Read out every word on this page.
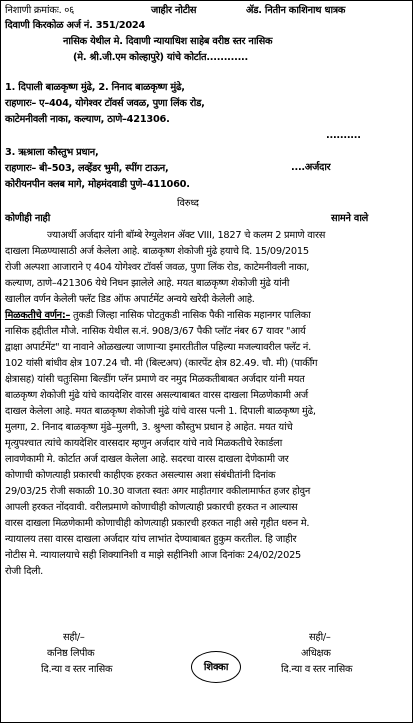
निशाणी क्रमांकः. ०६	जाहीर नोटीस	ॲड. नितीन काशिनाथ धात्रक
दिवाणी किरकोळ अर्ज नं. 351/2024
नासिक येथील मे. दिवाणी न्यायाधिश साहेब वरीष्ठ स्तर नासिक
(मे. श्री.जी.एम कोल्हापुरे) यांचे कोर्टात............
1. दिपाली बाळकृष्ण मुंढे, 2. निनाद बाळकृष्ण मुंढे,
राहणारः– ए–404, योगेश्वर टॉवर्स जवळ, पुणा लिंक रोड,
काटेमनीवली नाका, कल्याण, ठाणे–421306.
..........
3. ऋश्राला कौस्तुभ प्रधान,
....अर्जदार
राहणारः– बी–503, लव्हेंडर भुमी, स्पींग टाऊन,
कोरीयनपीन क्लब मागे, मोहमंदवाडी पुणे–411060.
विरुध्द
कोणीही नाही	सामने वाले
ज्याअर्थी अर्जदार यांनी बॉम्बे रेग्युलेशन ॲक्ट VIII, 1827 चे कलम 2 प्रमाणे वारस
दाखला मिळण्यासाठी अर्ज केलेला आहे. बाळकृष्ण शेकोजी मुंढे हयाचे दि. 15/09/2015
रोजी अल्पशा आजाराने ए 404 योगेश्वर टॉवर्स जवळ, पुणा लिंक रोड, काटेमनीवली नाका,
कल्याण, ठाणे–421306 येथे निधन झालेले आहे. मयत बाळकृष्ण शेकोजी मुंढे यांनी
खालील वर्णन केलेली फ्लॅट डिड ऑफ अपार्टमेंट अन्वये खरेदी केलेली आहे.
मिळकतीचे वर्णन:– तुकडी जिल्हा नासिक पोटतुकडी नासिक पैकी नासिक महानगर पालिका
नासिक हद्दीतील मौजे. नासिक येथील स.नं. 908/3/67 पैकी प्लॉट नंबर 67 यावर "आर्य
द्वाक्षा अपार्टमेंट" या नावाने ओळखल्या जाणाऱ्या इमारतीतील पहिल्या मजल्यावरील फ्लॅट नं.
102 यांसी बांधीव क्षेत्र 107.24 चौ. मी (बिल्टअप) (कारपेंट क्षेत्र 82.49. चौ. मी) (पार्कींग
क्षेत्रासह) यांसी चतुःसिमा बिल्डींग प्लॅन प्रमाणे वर नमुद मिळकतीबाबत अर्जदार यांनी मयत
बाळकृष्ण शेकोजी मुंढे यांचे कायदेशिर वारस असल्याबाबत वारस दाखला मिळणेकामी अर्ज
दाखल केलेला आहे. मयत बाळकृष्ण शेकोजी मुंढे यांचे वारस पत्नी 1. दिपाली बाळकृष्ण मुंढे,
मुलगा, 2. निनाद बाळकृष्ण मुंढे–मुलगी, 3. श्रुश्ला कौस्तुभ प्रधान हे आहेत. मयत यांचे
मृत्युपश्चात त्यांचे कायदेशिर वारसदार म्हणुन अर्जदार यांचे नावे मिळकतीचे रेकार्डला
लावणेकामी मे. कोर्टात अर्ज दाखल केलेला आहे. सदरचा वारस दाखला देणेकामी जर
कोणाची कोणत्याही प्रकारची काहीएक हरकत असल्यास अशा संबंधीतांनी दिनांक
29/03/25 रोजी सकाळी 10.30 वाजता स्वतः अगर माहीतगार वकीलामार्फत हजर होवुन
आपली हरकत नोंदवावी. वरीलप्रमाणे कोणाचीही कोणत्याही प्रकारची हरकत न आल्यास
वारस दाखला मिळणेकामी कोणाचीही कोणत्याही प्रकारची हरकत नाही असे गृहीत धरुन मे.
न्यायालय तसा वारस दाखला अर्जदार यांच लाभांत देण्याबाबत हुकुम करतील. हि जाहीर
नोटीस मे. न्यायालयाचे सही शिक्यानिशी व माझे सहीनिशी आज दिनांकः 24/02/2025
रोजी दिली.
सही/–
कनिष्ठ लिपीक
दि.न्या व स्तर नासिक	शिक्का
सही/–
अधिक्षक
दि.न्या व स्तर नासिक
